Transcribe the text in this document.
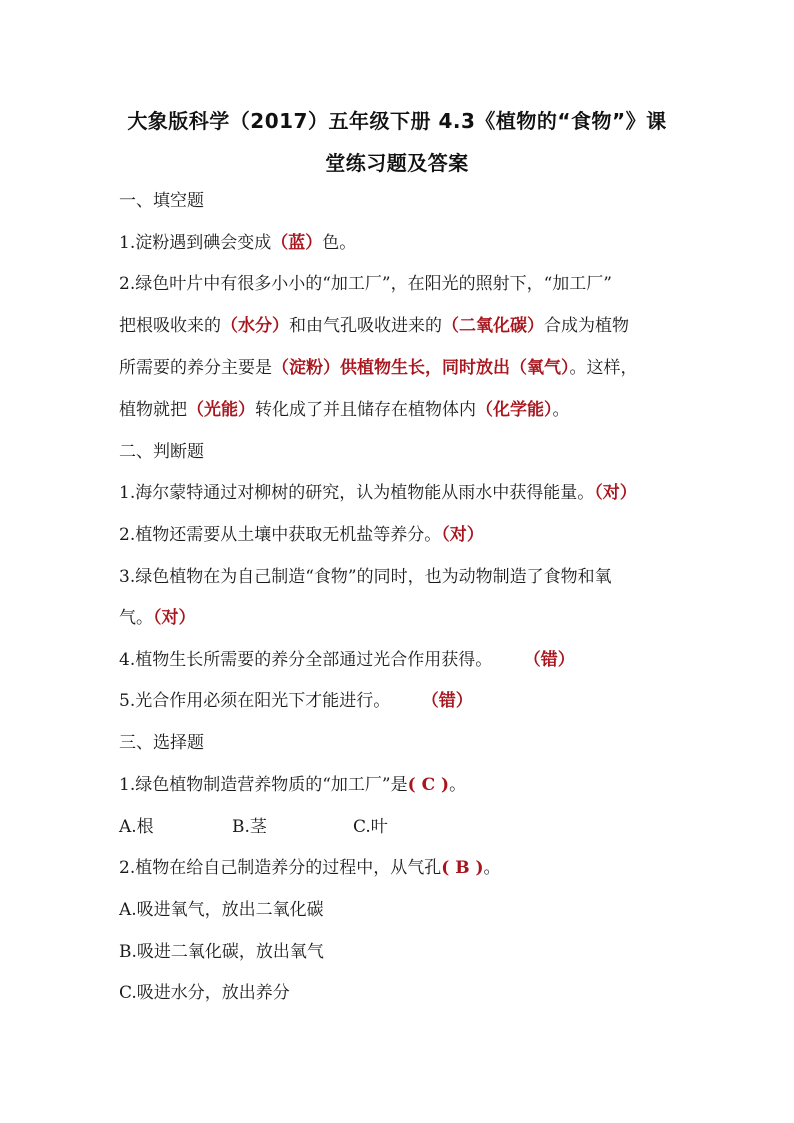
大象版科学（2017）五年级下册 4.3《植物的“食物”》课
堂练习题及答案
一、填空题
1.淀粉遇到碘会变成（蓝）色。
2.绿色叶片中有很多小小的“加工厂”，在阳光的照射下，“加工厂”
把根吸收来的（水分）和由气孔吸收进来的（二氧化碳）合成为植物
所需要的养分主要是（淀粉）供植物生长，同时放出（氧气）。这样，
植物就把（光能）转化成了并且储存在植物体内（化学能）。
二、判断题
1.海尔蒙特通过对柳树的研究，认为植物能从雨水中获得能量。（对）
2.植物还需要从土壤中获取无机盐等养分。（对）
3.绿色植物在为自己制造“食物”的同时，也为动物制造了食物和氧
气。（对）
4.植物生长所需要的养分全部通过光合作用获得。 （错）
5.光合作用必须在阳光下才能进行。 （错）
三、选择题
1.绿色植物制造营养物质的“加工厂”是( C )。
A.根	B.茎	C.叶
2.植物在给自己制造养分的过程中，从气孔( B )。
A.吸进氧气，放出二氧化碳
B.吸进二氧化碳，放出氧气
C.吸进水分，放出养分
